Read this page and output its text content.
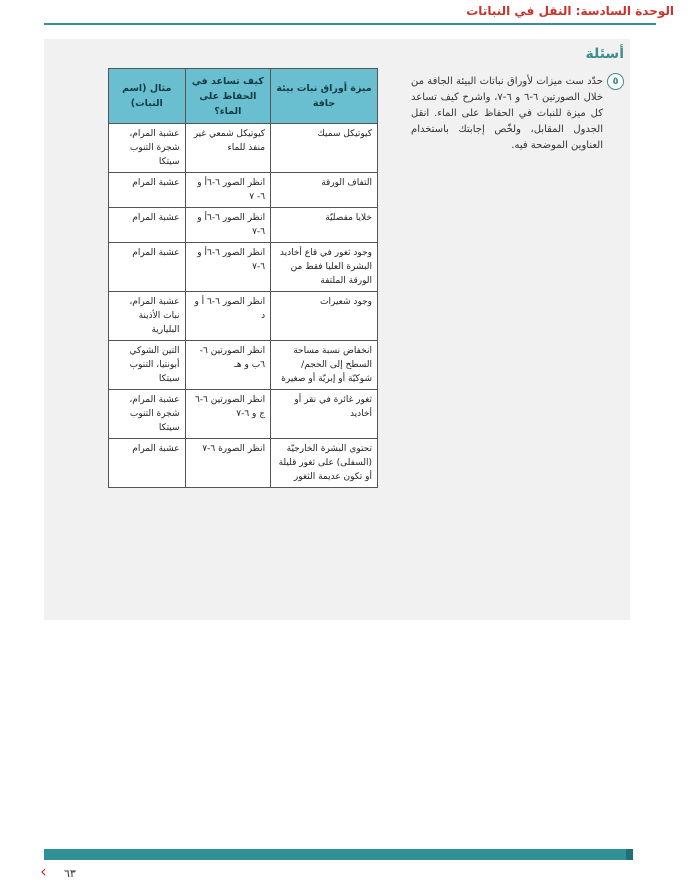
الوحدة السادسة: النقل في النباتات
أسئلة
٥
حدّد ست ميزات لأوراق نباتات البيئة الجافة من خلال الصورتين ٦-٦ و ٦-٧، واشرح كيف تساعد كل ميزة للنبات في الحفاظ على الماء. انقل الجدول المقابل، ولخّص إجابتك باستخدام العناوين الموضحة فيه.
ميزة أوراق نبات بيئة جافة	كيف تساعد في الحفاظ على الماء؟	مثال (اسم النبات)
كيوتيكل سميك	كيوتيكل شمعي غير منفذ للماء	عشبة المرام، شجرة التنوب سيتكا
التفاف الورقة	انظر الصور ٦-٦أ و ٦- ٧	عشبة المرام
خلايا مفصليّة	انظر الصور ٦-٦أ و ٦-٧	عشبة المرام
وجود ثغور في قاع أخاديد البشرة العليا فقط من الورقة الملتفة	انظر الصور ٦-٦أ و ٦-٧	عشبة المرام
وجود شعيرات	انظر الصور ٦-٦ أ و د	عشبة المرام، نبات الأذينة البليارية
انخفاض نسبة مساحة السطح إلى الحجم/ شوكيّة أو إبريّة أو صغيرة	انظر الصورتين ٦- ٦ب و هـ	التين الشوكي أبونتيا، التنوب سيتكا
ثغور غائرة في نقر أو أخاديد	انظر الصورتين ٦-٦ ج و ٦-٧	عشبة المرام، شجرة التنوب سيتكا
تحتوي البشرة الخارجيّة (السفلى) على ثغور قليلة أو تكون عديمة الثغور	انظر الصورة ٦-٧	عشبة المرام
٦٣
‹
